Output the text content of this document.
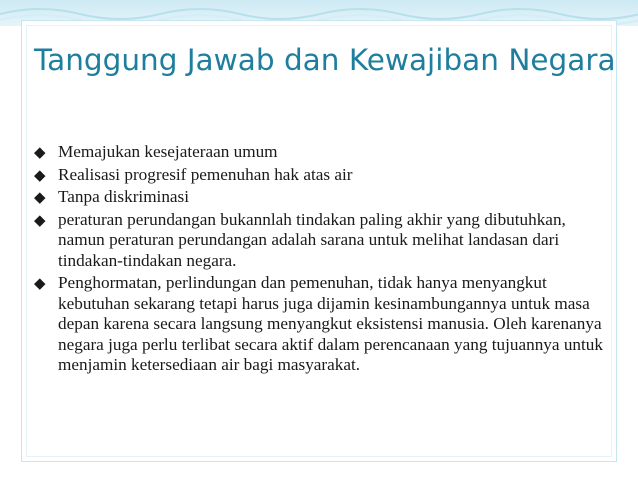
Tanggung Jawab dan Kewajiban Negara
◆ Memajukan kesejateraan umum
◆ Realisasi progresif pemenuhan hak atas air
◆ Tanpa diskriminasi
◆ peraturan perundangan bukannlah tindakan paling akhir yang dibutuhkan, namun peraturan perundangan adalah sarana untuk melihat landasan dari tindakan-tindakan negara.
◆ Penghormatan, perlindungan dan pemenuhan, tidak hanya menyangkut kebutuhan sekarang tetapi harus juga dijamin kesinambungannya untuk masa depan karena secara langsung menyangkut eksistensi manusia. Oleh karenanya negara juga perlu terlibat secara aktif dalam perencanaan yang tujuannya untuk menjamin ketersediaan air bagi masyarakat.
